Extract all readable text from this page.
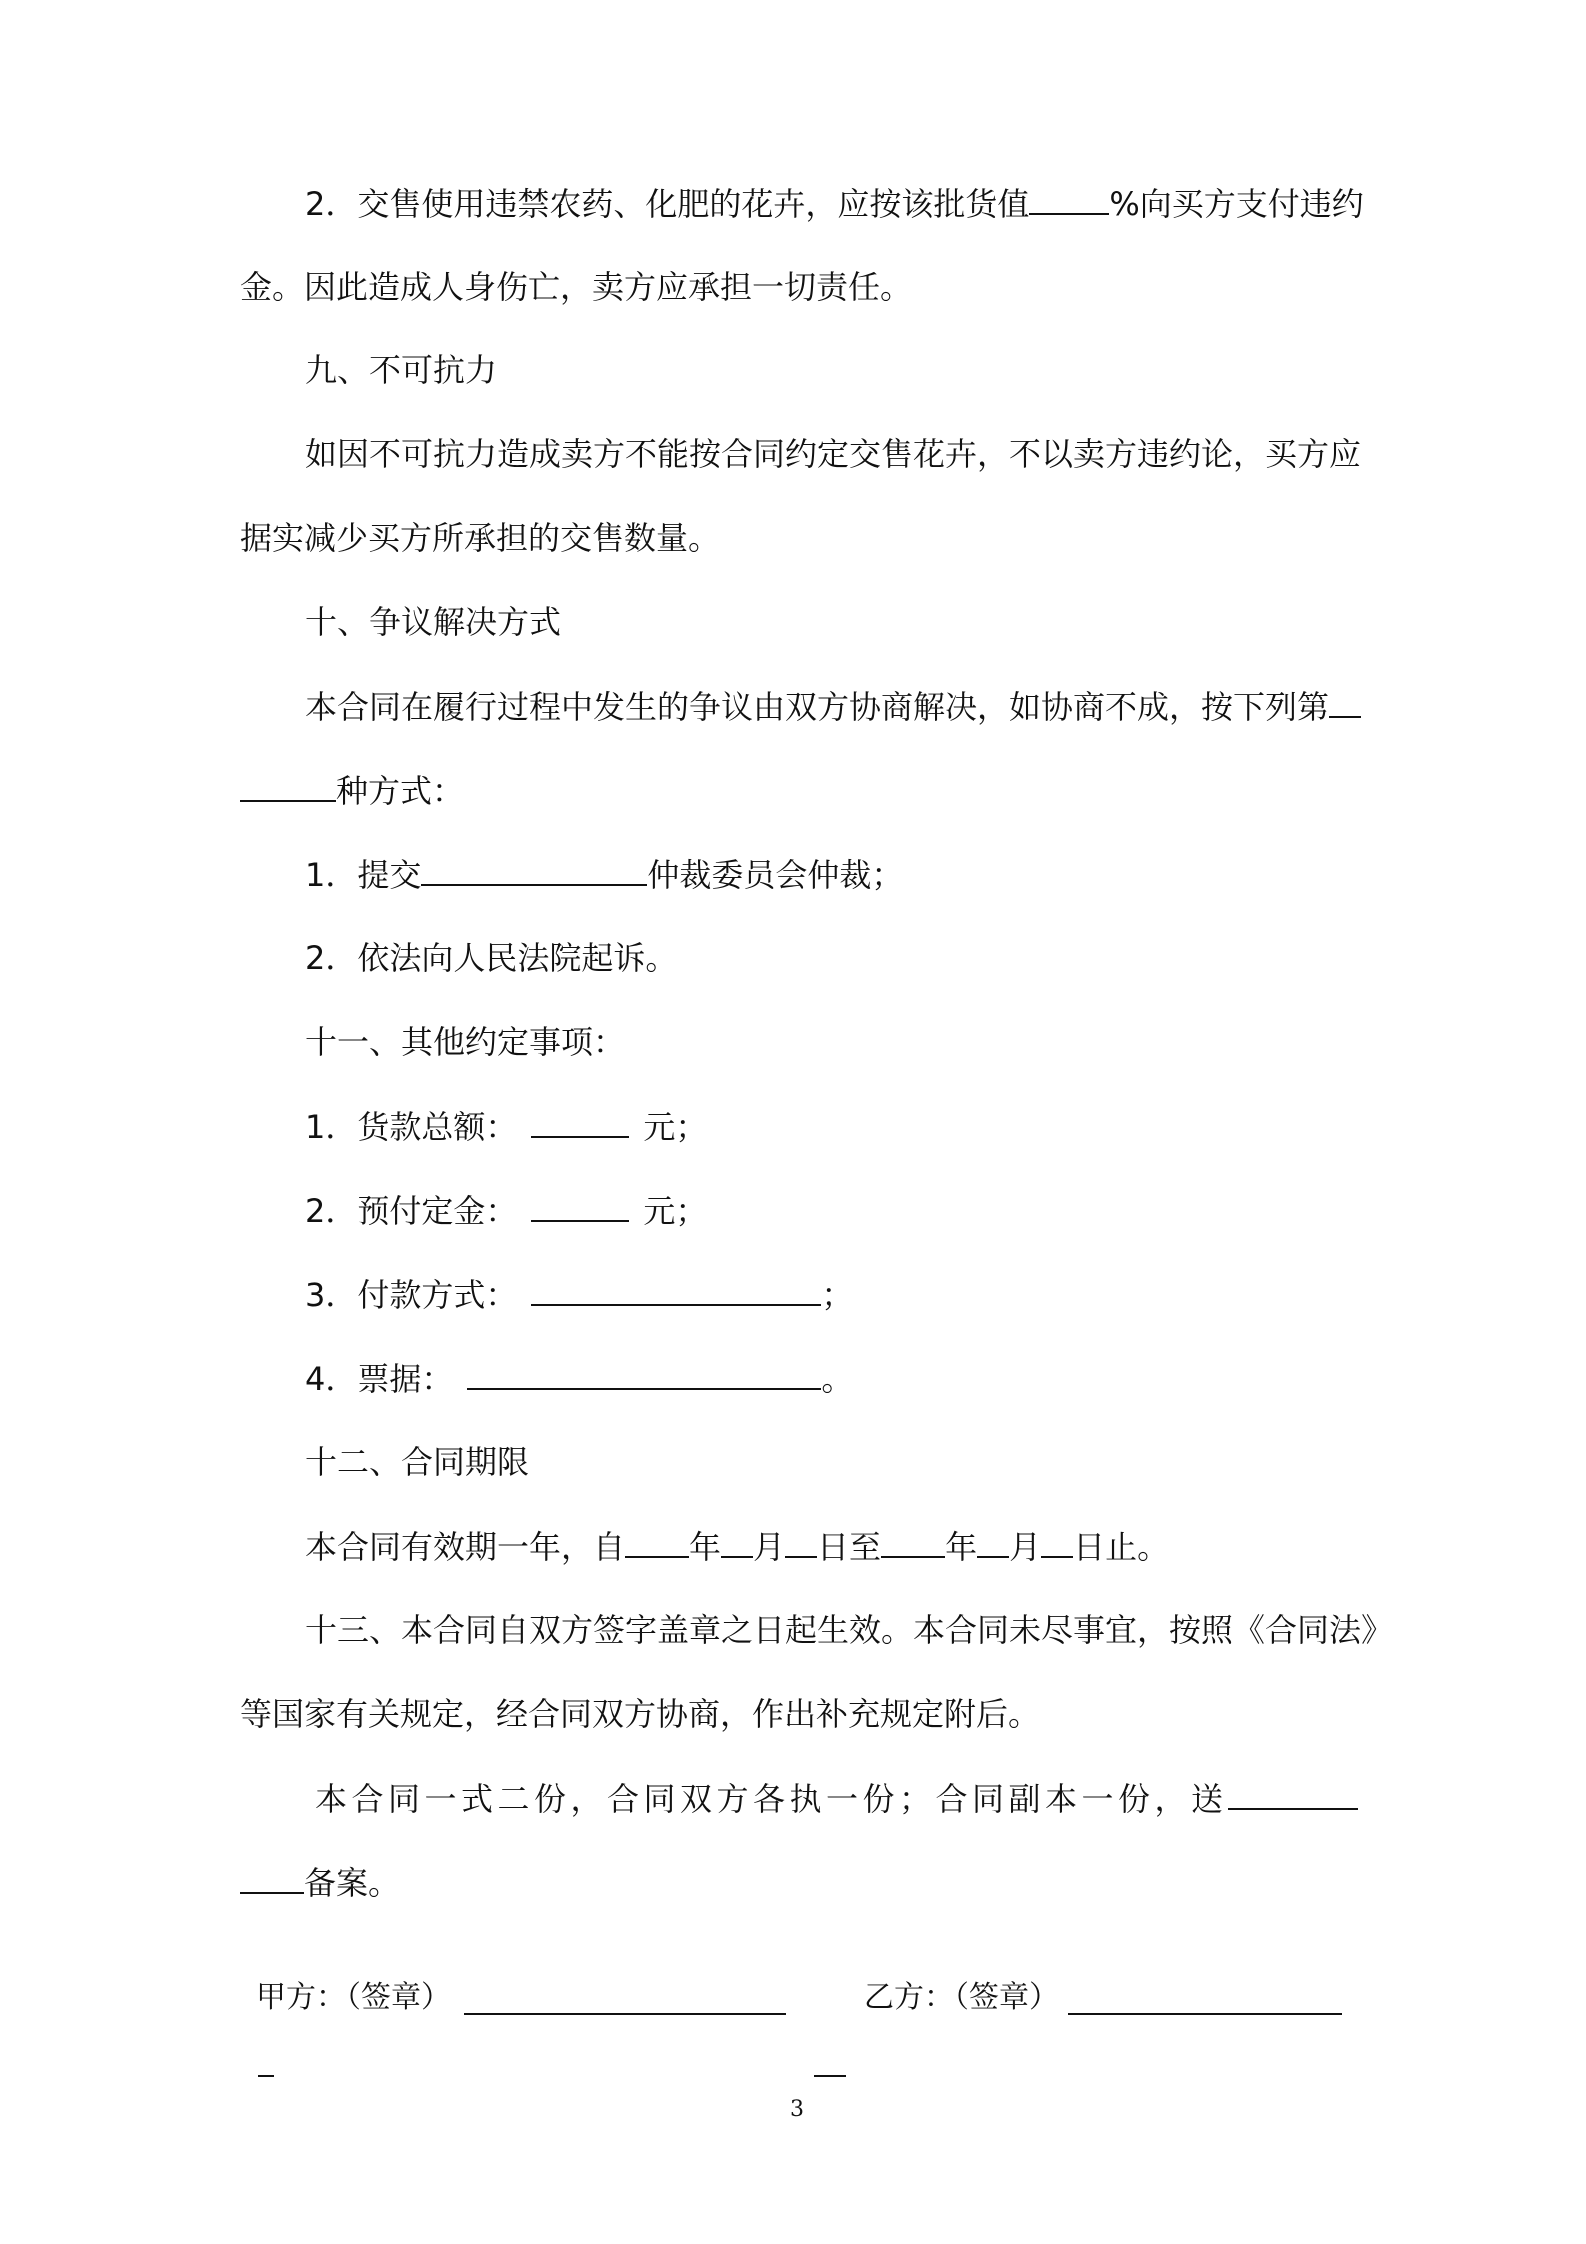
2．交售使用违禁农药、化肥的花卉，应按该批货值	%向买方支付违约
金。因此造成人身伤亡，卖方应承担一切责任。
九、不可抗力
如因不可抗力造成卖方不能按合同约定交售花卉，不以卖方违约论，买方应
据实减少买方所承担的交售数量。
十、争议解决方式
本合同在履行过程中发生的争议由双方协商解决，如协商不成，按下列第
种方式：
1．提交	仲裁委员会仲裁；
2．依法向人民法院起诉。
十一、其他约定事项：
1．货款总额：	元；
2．预付定金：	元；
3．付款方式：	；
4．票据：	。
十二、合同期限
本合同有效期一年，自 年 月 日至 年 月 日止。
十三、本合同自双方签字盖章之日起生效。本合同未尽事宜，按照《合同法》
等国家有关规定，经合同双方协商，作出补充规定附后。
本合同一式二份，合同双方各执一份；合同副本一份，送
备案。
甲方：（签章）	乙方：（签章）
3
